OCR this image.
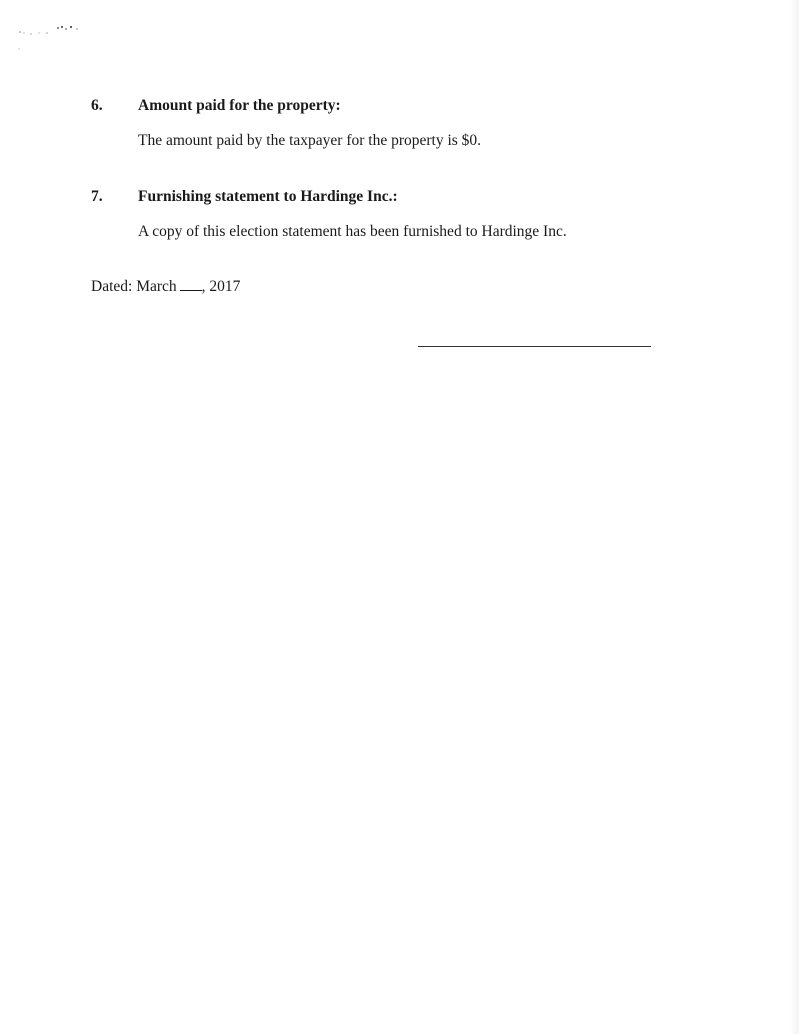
6. Amount paid for the property:
The amount paid by the taxpayer for the property is $0.
7. Furnishing statement to Hardinge Inc.:
A copy of this election statement has been furnished to Hardinge Inc.
Dated: March , 2017
